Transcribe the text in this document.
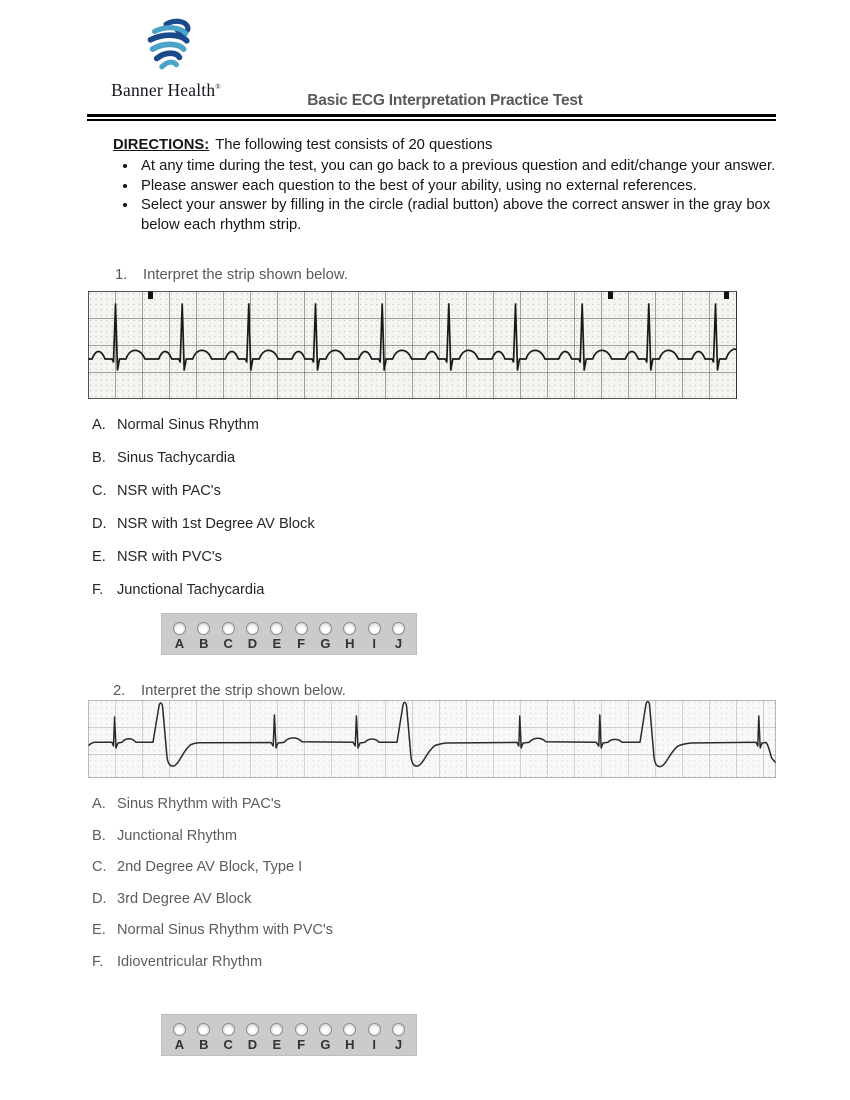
Banner Health®
Basic ECG Interpretation Practice Test
DIRECTIONS: The following test consists of 20 questions
• At any time during the test, you can go back to a previous question and edit/change your answer.
• Please answer each question to the best of your ability, using no external references.
• Select your answer by filling in the circle (radial button) above the correct answer in the gray box below each rhythm strip.
1. Interpret the strip shown below.
A. Normal Sinus Rhythm
B. Sinus Tachycardia
C. NSR with PAC's
D. NSR with 1st Degree AV Block
E. NSR with PVC's
F. Junctional Tachycardia
A B C D E F G H I J
2. Interpret the strip shown below.
A. Sinus Rhythm with PAC's
B. Junctional Rhythm
C. 2nd Degree AV Block, Type I
D. 3rd Degree AV Block
E. Normal Sinus Rhythm with PVC's
F. Idioventricular Rhythm
A B C D E F G H I J
